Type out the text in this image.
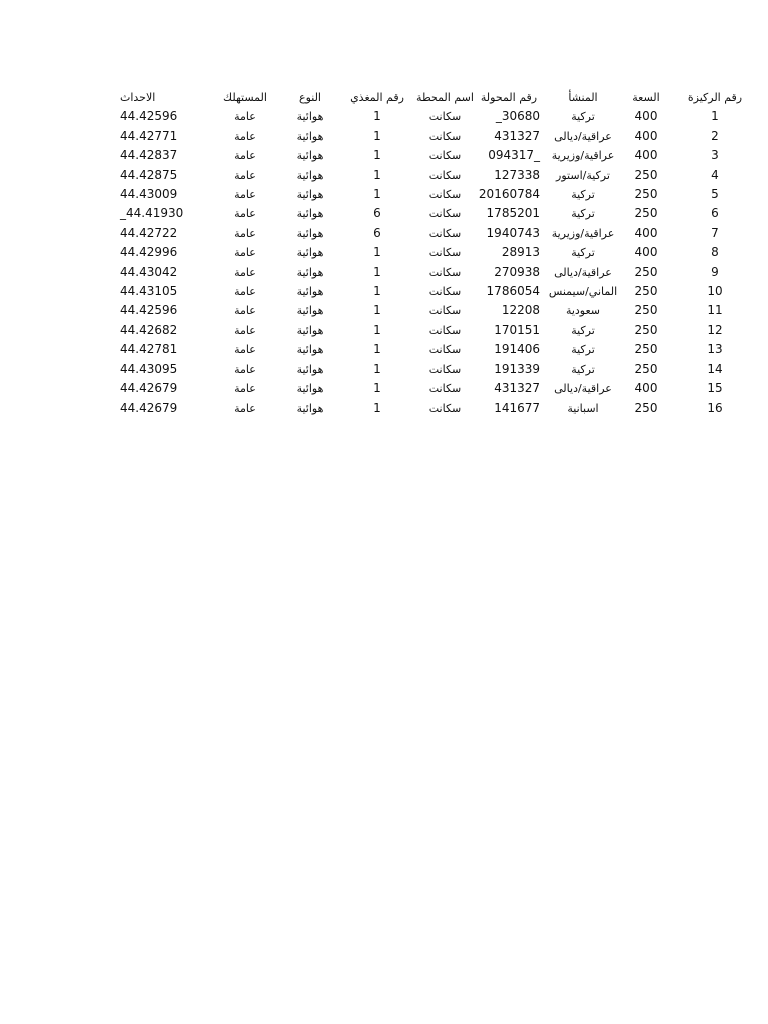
رقم الركيزة	السعة	المنشأ	رقم المحولة	اسم المحطة	رقم المغذي	النوع	المستهلك	الاحداث
1	400	تركية	_30680	سكانت	1	هوائية	عامة	44.42596
2	400	عراقية/ديالى	431327	سكانت	1	هوائية	عامة	44.42771
3	400	عراقية/وزيرية	094317_	سكانت	1	هوائية	عامة	44.42837
4	250	تركية/استور	127338	سكانت	1	هوائية	عامة	44.42875
5	250	تركية	20160784	سكانت	1	هوائية	عامة	44.43009
6	250	تركية	1785201	سكانت	6	هوائية	عامة	_44.41930
7	400	عراقية/وزيرية	1940743	سكانت	6	هوائية	عامة	44.42722
8	400	تركية	28913	سكانت	1	هوائية	عامة	44.42996
9	250	عراقية/ديالى	270938	سكانت	1	هوائية	عامة	44.43042
10	250	الماني/سيمنس	1786054	سكانت	1	هوائية	عامة	44.43105
11	250	سعودية	12208	سكانت	1	هوائية	عامة	44.42596
12	250	تركية	170151	سكانت	1	هوائية	عامة	44.42682
13	250	تركية	191406	سكانت	1	هوائية	عامة	44.42781
14	250	تركية	191339	سكانت	1	هوائية	عامة	44.43095
15	400	عراقية/ديالى	431327	سكانت	1	هوائية	عامة	44.42679
16	250	اسبانية	141677	سكانت	1	هوائية	عامة	44.42679
